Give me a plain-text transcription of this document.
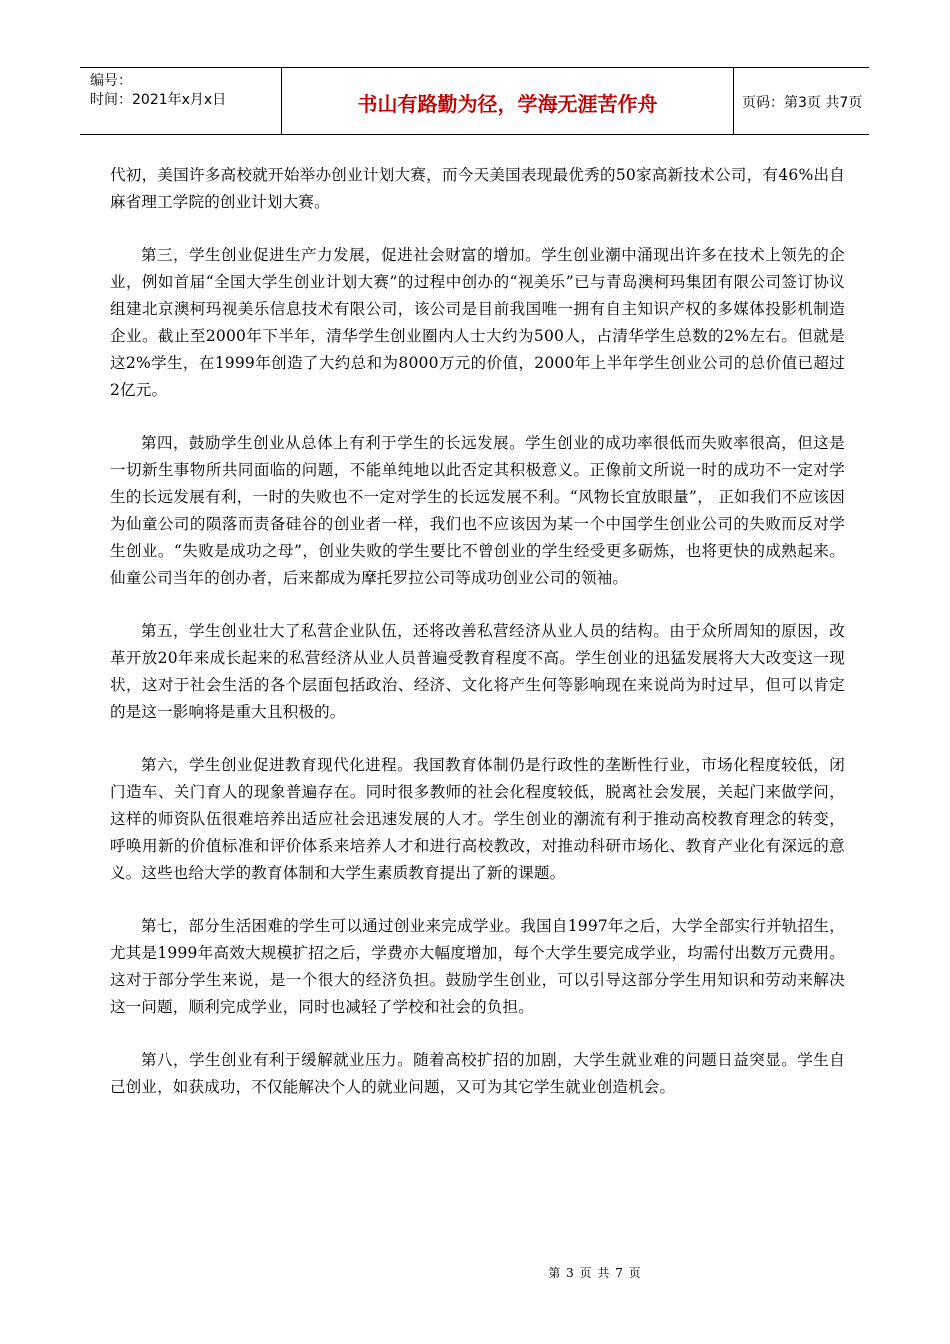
编号：
时间：2021年x月x日	书山有路勤为径，学海无涯苦作舟	页码：第3页 共7页

代初，美国许多高校就开始举办创业计划大赛，而今天美国表现最优秀的50家高新技术公司，有46%出自麻省理工学院的创业计划大赛。

第三，学生创业促进生产力发展，促进社会财富的增加。学生创业潮中涌现出许多在技术上领先的企业，例如首届“全国大学生创业计划大赛”的过程中创办的“视美乐”已与青岛澳柯玛集团有限公司签订协议组建北京澳柯玛视美乐信息技术有限公司，该公司是目前我国唯一拥有自主知识产权的多媒体投影机制造企业。截止至2000年下半年，清华学生创业圈内人士大约为500人，占清华学生总数的2%左右。但就是这2%学生，在1999年创造了大约总和为8000万元的价值，2000年上半年学生创业公司的总价值已超过2亿元。

第四，鼓励学生创业从总体上有利于学生的长远发展。学生创业的成功率很低而失败率很高，但这是一切新生事物所共同面临的问题，不能单纯地以此否定其积极意义。正像前文所说一时的成功不一定对学生的长远发展有利，一时的失败也不一定对学生的长远发展不利。“风物长宜放眼量”， 正如我们不应该因为仙童公司的陨落而责备硅谷的创业者一样，我们也不应该因为某一个中国学生创业公司的失败而反对学生创业。“失败是成功之母”，创业失败的学生要比不曾创业的学生经受更多砺炼，也将更快的成熟起来。仙童公司当年的创办者，后来都成为摩托罗拉公司等成功创业公司的领袖。

第五，学生创业壮大了私营企业队伍，还将改善私营经济从业人员的结构。由于众所周知的原因，改革开放20年来成长起来的私营经济从业人员普遍受教育程度不高。学生创业的迅猛发展将大大改变这一现状，这对于社会生活的各个层面包括政治、经济、文化将产生何等影响现在来说尚为时过早，但可以肯定的是这一影响将是重大且积极的。

第六，学生创业促进教育现代化进程。我国教育体制仍是行政性的垄断性行业，市场化程度较低，闭门造车、关门育人的现象普遍存在。同时很多教师的社会化程度较低，脱离社会发展，关起门来做学问，这样的师资队伍很难培养出适应社会迅速发展的人才。学生创业的潮流有利于推动高校教育理念的转变，呼唤用新的价值标准和评价体系来培养人才和进行高校教改，对推动科研市场化、教育产业化有深远的意义。这些也给大学的教育体制和大学生素质教育提出了新的课题。

第七，部分生活困难的学生可以通过创业来完成学业。我国自1997年之后，大学全部实行并轨招生，尤其是1999年高效大规模扩招之后，学费亦大幅度增加，每个大学生要完成学业，均需付出数万元费用。这对于部分学生来说，是一个很大的经济负担。鼓励学生创业，可以引导这部分学生用知识和劳动来解决这一问题，顺利完成学业，同时也减轻了学校和社会的负担。

第八，学生创业有利于缓解就业压力。随着高校扩招的加剧，大学生就业难的问题日益突显。学生自己创业，如获成功，不仅能解决个人的就业问题，又可为其它学生就业创造机会。

第 3 页 共 7 页
